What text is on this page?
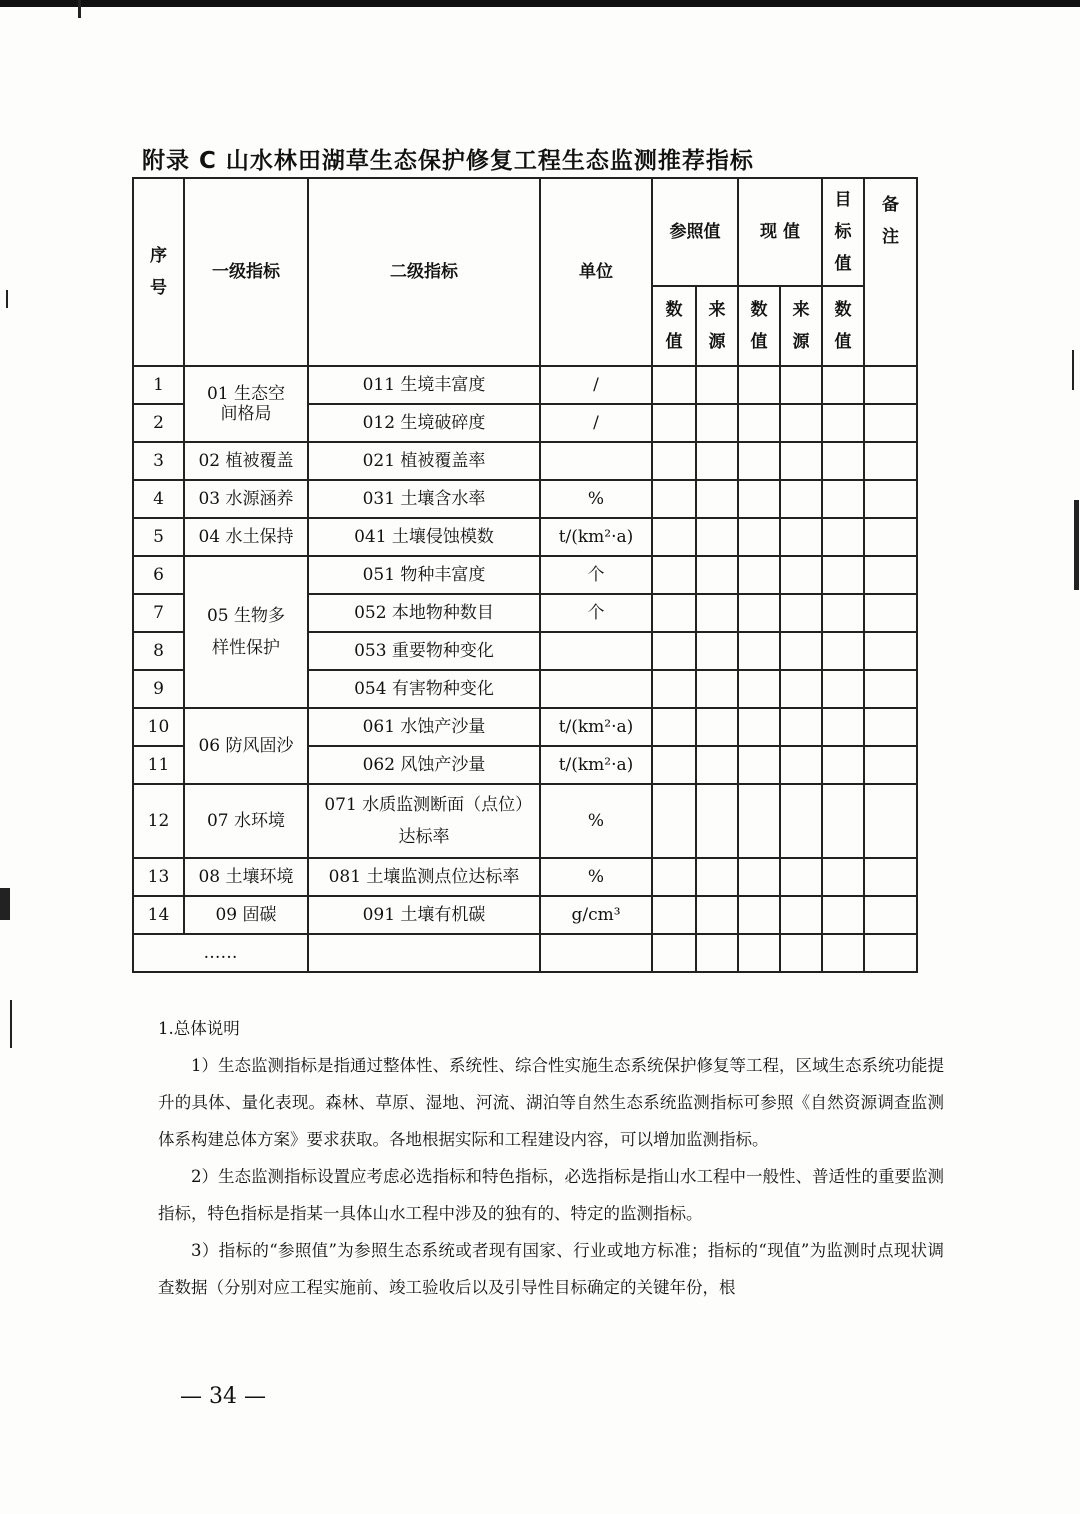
附录 C 山水林田湖草生态保护修复工程生态监测推荐指标
序号	一级指标	二级指标	单位	参照值		现 值		目标值	备注
				数值	来源	数值	来源	数值	
1	01 生态空间格局	011 生境丰富度	/						
2		012 生境破碎度	/						
3	02 植被覆盖	021 植被覆盖率							
4	03 水源涵养	031 土壤含水率	%						
5	04 水土保持	041 土壤侵蚀模数	t/(km²·a)						
6	05 生物多样性保护	051 物种丰富度	个						
7		052 本地物种数目	个						
8		053 重要物种变化							
9		054 有害物种变化							
10	06 防风固沙	061 水蚀产沙量	t/(km²·a)						
11		062 风蚀产沙量	t/(km²·a)						
12	07 水环境	071 水质监测断面（点位）达标率	%						
13	08 土壤环境	081 土壤监测点位达标率	%						
14	09 固碳	091 土壤有机碳	g/cm³						
……									

1.总体说明

1）生态监测指标是指通过整体性、系统性、综合性实施生态系统保护修复等工程，区域生态系统功能提升的具体、量化表现。森林、草原、湿地、河流、湖泊等自然生态系统监测指标可参照《自然资源调查监测体系构建总体方案》要求获取。各地根据实际和工程建设内容，可以增加监测指标。

2）生态监测指标设置应考虑必选指标和特色指标，必选指标是指山水工程中一般性、普适性的重要监测指标，特色指标是指某一具体山水工程中涉及的独有的、特定的监测指标。

3）指标的“参照值”为参照生态系统或者现有国家、行业或地方标准；指标的“现值”为监测时点现状调查数据（分别对应工程实施前、竣工验收后以及引导性目标确定的关键年份，根

— 34 —
